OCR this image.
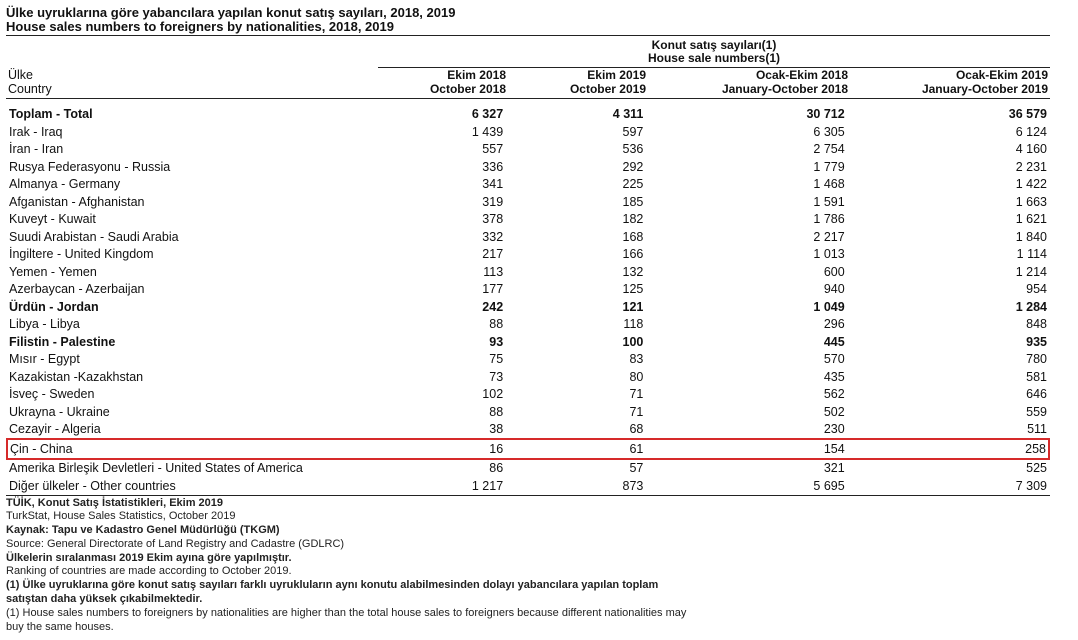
Ülke uyruklarına göre yabancılara yapılan konut satış sayıları, 2018, 2019
House sales numbers to foreigners by nationalities, 2018, 2019
Konut satış sayıları(1)
House sale numbers(1)
Ülke
Country
Ekim 2018
October 2018
Ekim 2019
October 2019
Ocak-Ekim 2018
January-October 2018
Ocak-Ekim 2019
January-October 2019
Toplam - Total	6 327	4 311	30 712	36 579
Irak - Iraq	1 439	597	6 305	6 124
İran - Iran	557	536	2 754	4 160
Rusya Federasyonu - Russia	336	292	1 779	2 231
Almanya - Germany	341	225	1 468	1 422
Afganistan - Afghanistan	319	185	1 591	1 663
Kuveyt - Kuwait	378	182	1 786	1 621
Suudi Arabistan - Saudi Arabia	332	168	2 217	1 840
İngiltere - United Kingdom	217	166	1 013	1 114
Yemen - Yemen	113	132	600	1 214
Azerbaycan - Azerbaijan	177	125	940	954
Ürdün - Jordan	242	121	1 049	1 284
Libya - Libya	88	118	296	848
Filistin - Palestine	93	100	445	935
Mısır - Egypt	75	83	570	780
Kazakistan -Kazakhstan	73	80	435	581
İsveç - Sweden	102	71	562	646
Ukrayna - Ukraine	88	71	502	559
Cezayir - Algeria	38	68	230	511
Çin - China	16	61	154	258
Amerika Birleşik Devletleri - United States of America	86	57	321	525
Diğer ülkeler - Other countries	1 217	873	5 695	7 309
TÜİK, Konut Satış İstatistikleri, Ekim 2019
TurkStat, House Sales Statistics, October 2019
Kaynak: Tapu ve Kadastro Genel Müdürlüğü (TKGM)
Source: General Directorate of Land Registry and Cadastre (GDLRC)
Ülkelerin sıralanması 2019 Ekim ayına göre yapılmıştır.
Ranking of countries are made according to October 2019.
(1) Ülke uyruklarına göre konut satış sayıları farklı uyrukluların aynı konutu alabilmesinden dolayı yabancılara yapılan toplam
satıştan daha yüksek çıkabilmektedir.
(1) House sales numbers to foreigners by nationalities are higher than the total house sales to foreigners because different nationalities may
buy the same houses.
